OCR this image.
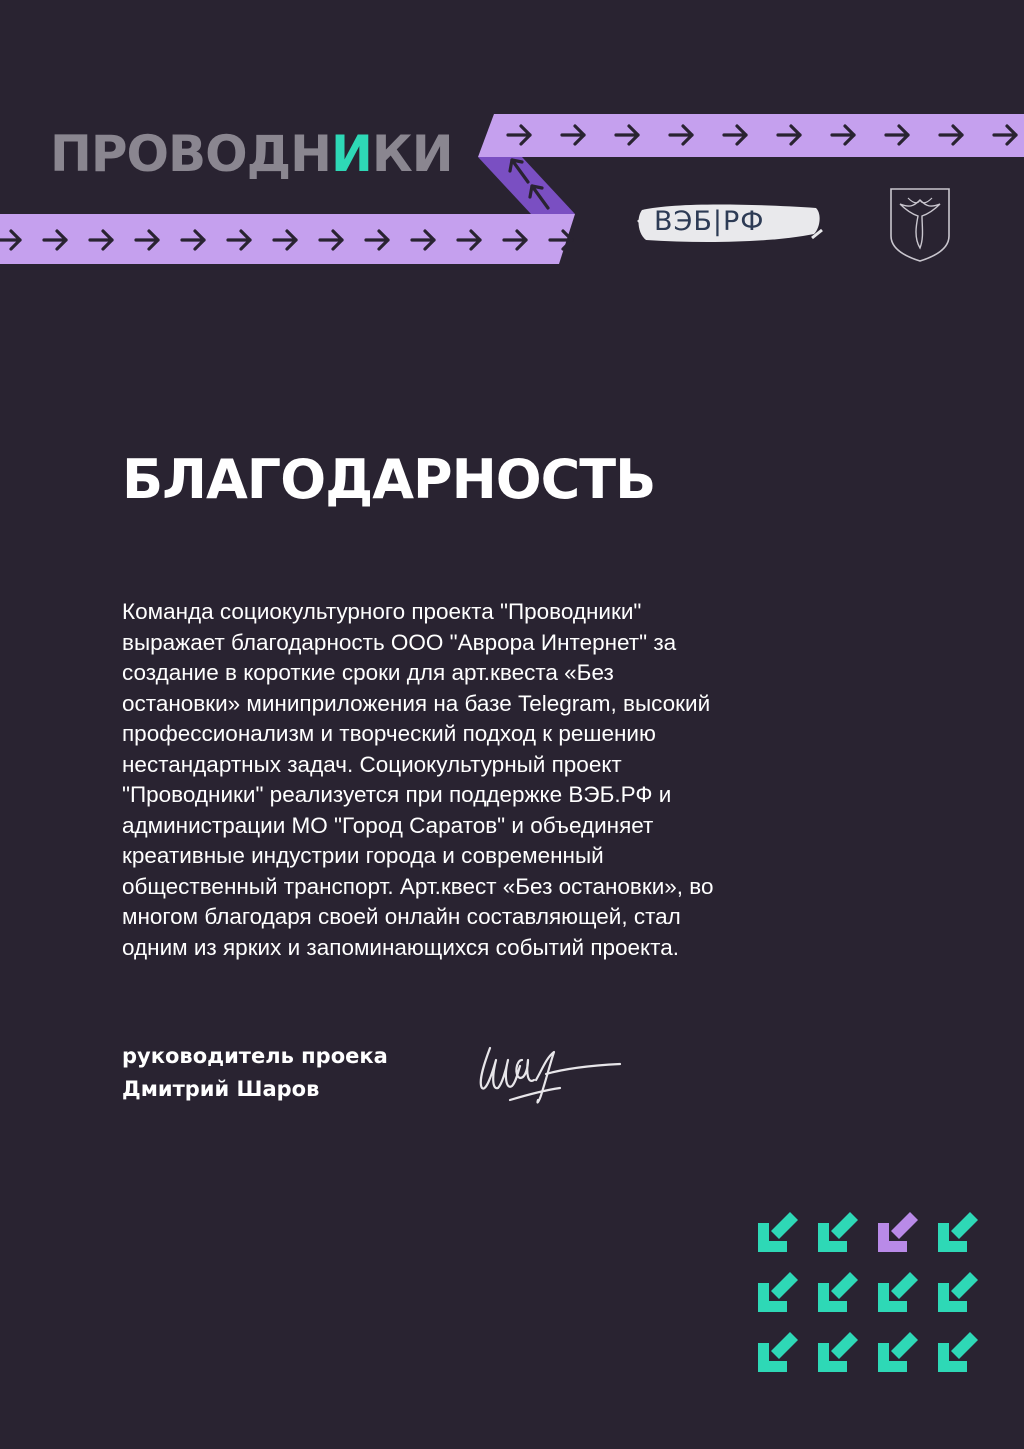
ПРОВОДНИКИ
ВЭБ|РФ
БЛАГОДАРНОСТЬ

Команда социокультурного проекта "Проводники"
выражает благодарность ООО "Аврора Интернет" за
создание в короткие сроки для арт.квеста «Без
остановки» миниприложения на базе Telegram, высокий
профессионализм и творческий подход к решению
нестандартных задач. Социокультурный проект
"Проводники" реализуется при поддержке ВЭБ.РФ и
администрации МО "Город Саратов" и объединяет
креативные индустрии города и современный
общественный транспорт. Арт.квест «Без остановки», во
многом благодаря своей онлайн составляющей, стал
одним из ярких и запоминающихся событий проекта.

руководитель проека
Дмитрий Шаров
